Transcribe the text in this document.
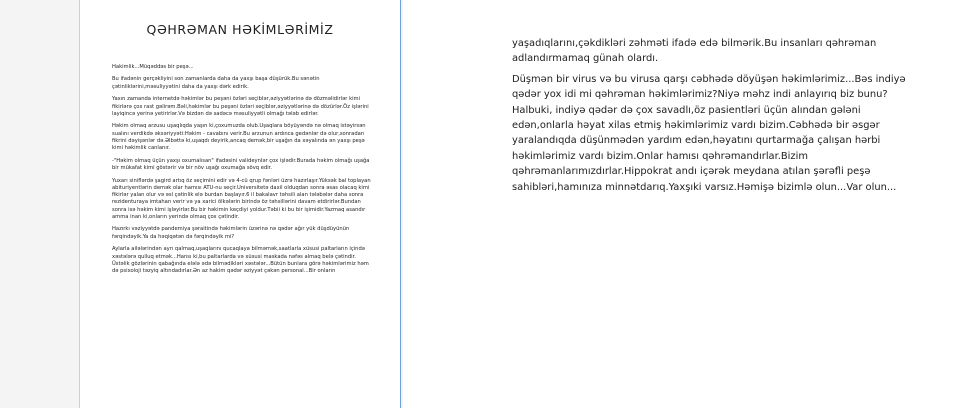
QƏHRƏMAN HƏKİMLƏRİMİZ

Hakimlik...Müqəddəs bir peşə...

Bu ifadənin gerçəkliyini son zamanlarda daha da yaxşı başa düşürük.Bu sənətin çətinliklərini,məsuliyyətini daha da yaxşı dərk edirik.

Yaxın zamanda internetdə həkimlər bu peşəni özləri seçiblər,əziyyətlərinə də dözməlidirlər kimi fikirlərə çox rast gəlirəm.Bəli,həkimlər bu peşəni özləri seçiblər,əziyyətlərinə də dözürlər.Öz işlərini layiqincə yerinə yetirirlər.Və bizdən də sadəcə məsuliyyətli olmağı tələb edirlər.

Həkim olmaq arzusu uşaqlıqda yaşın ki,çoxumuzda olub.Uşaqlara böyüyəndə nə olmaq istəyirsən sualını verdikdə əksəriyyəti:Həkim - cavabını verir.Bu arzunun ardınca gedənlər də olur,sonradan fikrini dəyişənlər də.Əlbəttə ki,uşaqdı deyirik,ancaq demək,bir uşağın da xəyalında ən yaxşı peşə kimi həkimlik canlanır.

-"Həkim olmaq üçün yaxşı oxumalısan" ifadəsini valideynlər çox işlədir.Burada həkim olmağı uşağa bir mükafat kimi göstərir və bir növ uşağı oxumağa sövq edir.

Yuxarı siniflərdə şagird artıq öz seçimini edir və 4-cü qrup fənləri üzrə hazırlaşır.Yüksək bal toplayan abituriyentlərin demək olar hamısı ATU-nu seçir.Universitetə daxil olduqdan sonra əsas olacaq kimi fikirlər yalan olur və əsl çətinlik elə burdan başlayır.6 il bakalavr təhsili alan tələbələr daha sonra rezidenturaya imtahan verir və ya xarici ölkələrin birində öz təhsillərini davam etdirirlər.Bundan sonra isə həkim kimi işləyirlər.Bu bir həkimin keçdiyi yoldur.Təbii ki bu bir işimidir.Yazmaq asandır amma inan ki,onların yerində olmaq çox çətindir.

Hazırkı vəziyyətdə pandemiya şəraitində həkimlərin üzərinə nə qədər ağır yük düşdüyünün fərqindəyik.Ya da həqiqətən də fərqindəyik mi?

Aylarla ailələrindən ayrı qalmaq,uşaqlarını qucaqlaya bilməmək,saatlarla xüsusi paltarların içində xəstələrə qulluq etmək...Hansı ki,bu paltarlarda və xüsusi maskada nəfəs almaq belə çətindir. Üstəlik gözlərinin qabağında elələ ədə bilmədikləri xəstələr...Bütün bunlara görə həkimlərimiz həm də psixoloji təzyiq altındadırlar.Ən az hakim qədər əziyyət çəkən personal...Bir onların

yaşadıqlarını,çəkdikləri zəhməti ifadə edə bilmərik.Bu insanları qəhrəman adlandırmamaq günah olardı.

Düşmən bir virus və bu virusa qarşı cəbhədə döyüşən həkimlərimiz...Bəs indiyə qədər yox idi mi qəhrəman həkimlərimiz?Niyə məhz indi anlayırıq biz bunu? Halbuki, indiyə qədər də çox savadlı,öz pasientləri üçün alından gələni edən,onlarla həyat xilas etmiş həkimlərimiz vardı bizim.Cəbhədə bir əsgər yaralandıqda düşünmədən yardım edən,həyatını qurtarmağa çalışan hərbi həkimlərimiz vardı bizim.Onlar hamısı qəhrəmandırlar.Bizim qəhrəmanlarımızdırlar.Hippokrat andı içərək meydana atılan şərəfli peşə sahibləri,hamınıza minnətdarıq.Yaxşıki varsız.Həmişə bizimlə olun...Var olun...
